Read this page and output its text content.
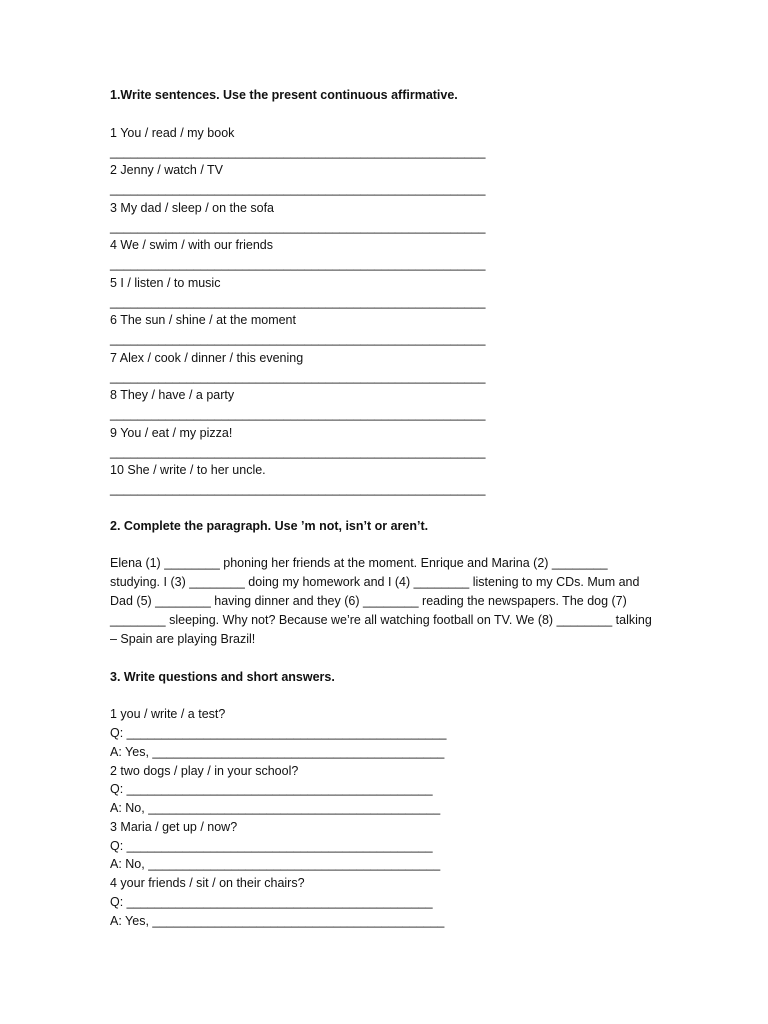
1.Write sentences. Use the present continuous affirmative.
1 You / read / my book
______________________________________________________
2 Jenny / watch / TV
______________________________________________________
3 My dad / sleep / on the sofa
______________________________________________________
4 We / swim / with our friends
______________________________________________________
5 I / listen / to music
______________________________________________________
6 The sun / shine / at the moment
______________________________________________________
7 Alex / cook / dinner / this evening
______________________________________________________
8 They / have / a party
______________________________________________________
9 You / eat / my pizza!
______________________________________________________
10 She / write / to her uncle.
______________________________________________________
2. Complete the paragraph. Use ’m not, isn’t or aren’t.
Elena (1) ________ phoning her friends at the moment. Enrique and Marina (2) ________ studying. I (3) ________ doing my homework and I (4) ________ listening to my CDs. Mum and Dad (5) ________ having dinner and they (6) ________ reading the newspapers. The dog (7) ________ sleeping. Why not? Because we’re all watching football on TV. We (8) ________ talking – Spain are playing Brazil!
3. Write questions and short answers.
1 you / write / a test?
Q: ______________________________________________
A: Yes, __________________________________________
2 two dogs / play / in your school?
Q: ____________________________________________
A: No, __________________________________________
3 Maria / get up / now?
Q: ____________________________________________
A: No, __________________________________________
4 your friends / sit / on their chairs?
Q: ____________________________________________
A: Yes, __________________________________________
